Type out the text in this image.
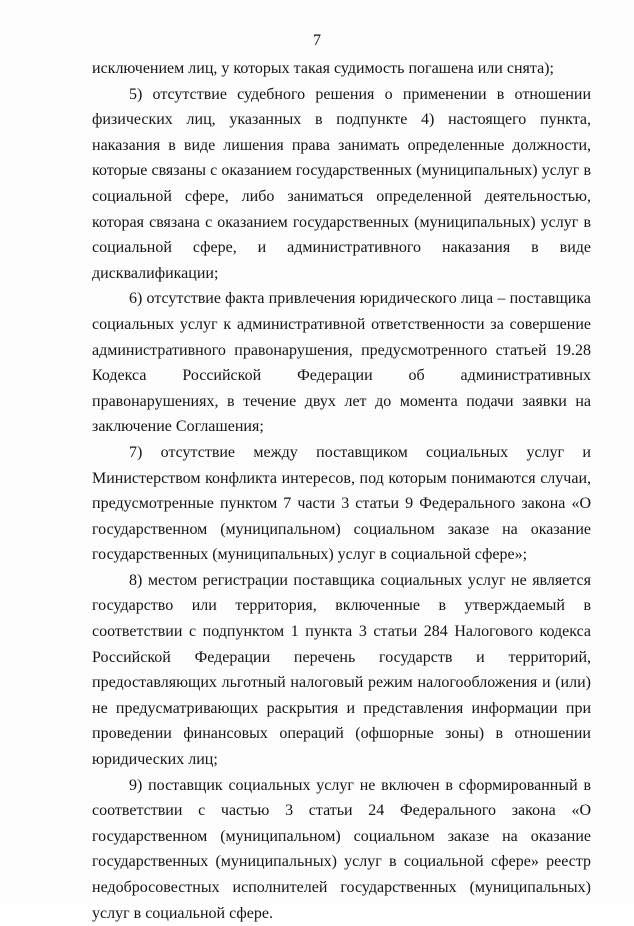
7

исключением лиц, у которых такая судимость погашена или снята);

5) отсутствие судебного решения о применении в отношении физических лиц, указанных в подпункте 4) настоящего пункта, наказания в виде лишения права занимать определенные должности, которые связаны с оказанием государственных (муниципальных) услуг в социальной сфере, либо заниматься определенной деятельностью, которая связана с оказанием государственных (муниципальных) услуг в социальной сфере, и административного наказания в виде дисквалификации;

6) отсутствие факта привлечения юридического лица – поставщика социальных услуг к административной ответственности за совершение административного правонарушения, предусмотренного статьей 19.28 Кодекса Российской Федерации об административных правонарушениях, в течение двух лет до момента подачи заявки на заключение Соглашения;

7) отсутствие между поставщиком социальных услуг и Министерством конфликта интересов, под которым понимаются случаи, предусмотренные пунктом 7 части 3 статьи 9 Федерального закона «О государственном (муниципальном) социальном заказе на оказание государственных (муниципальных) услуг в социальной сфере»;

8) местом регистрации поставщика социальных услуг не является государство или территория, включенные в утверждаемый в соответствии с подпунктом 1 пункта 3 статьи 284 Налогового кодекса Российской Федерации перечень государств и территорий, предоставляющих льготный налоговый режим налогообложения и (или) не предусматривающих раскрытия и представления информации при проведении финансовых операций (офшорные зоны) в отношении юридических лиц;

9) поставщик социальных услуг не включен в сформированный в соответствии с частью 3 статьи 24 Федерального закона «О государственном (муниципальном) социальном заказе на оказание государственных (муниципальных) услуг в социальной сфере» реестр недобросовестных исполнителей государственных (муниципальных) услуг в социальной сфере.
